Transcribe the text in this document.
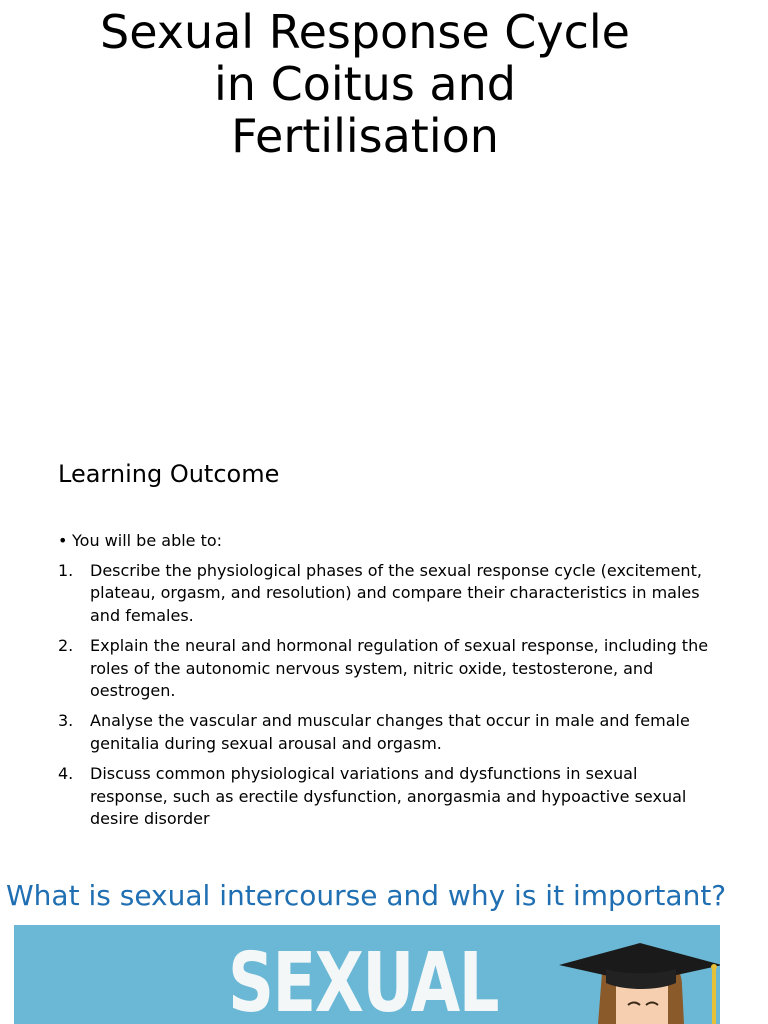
Sexual Response Cycle
in Coitus and
Fertilisation
Learning Outcome
• You will be able to:
1.	Describe the physiological phases of the sexual response cycle (excitement, plateau, orgasm, and resolution) and compare their characteristics in males and females.
2.	Explain the neural and hormonal regulation of sexual response, including the roles of the autonomic nervous system, nitric oxide, testosterone, and oestrogen.
3.	Analyse the vascular and muscular changes that occur in male and female genitalia during sexual arousal and orgasm.
4.	Discuss common physiological variations and dysfunctions in sexual response, such as erectile dysfunction, anorgasmia and hypoactive sexual desire disorder
What is sexual intercourse and why is it important?
SEXUAL
